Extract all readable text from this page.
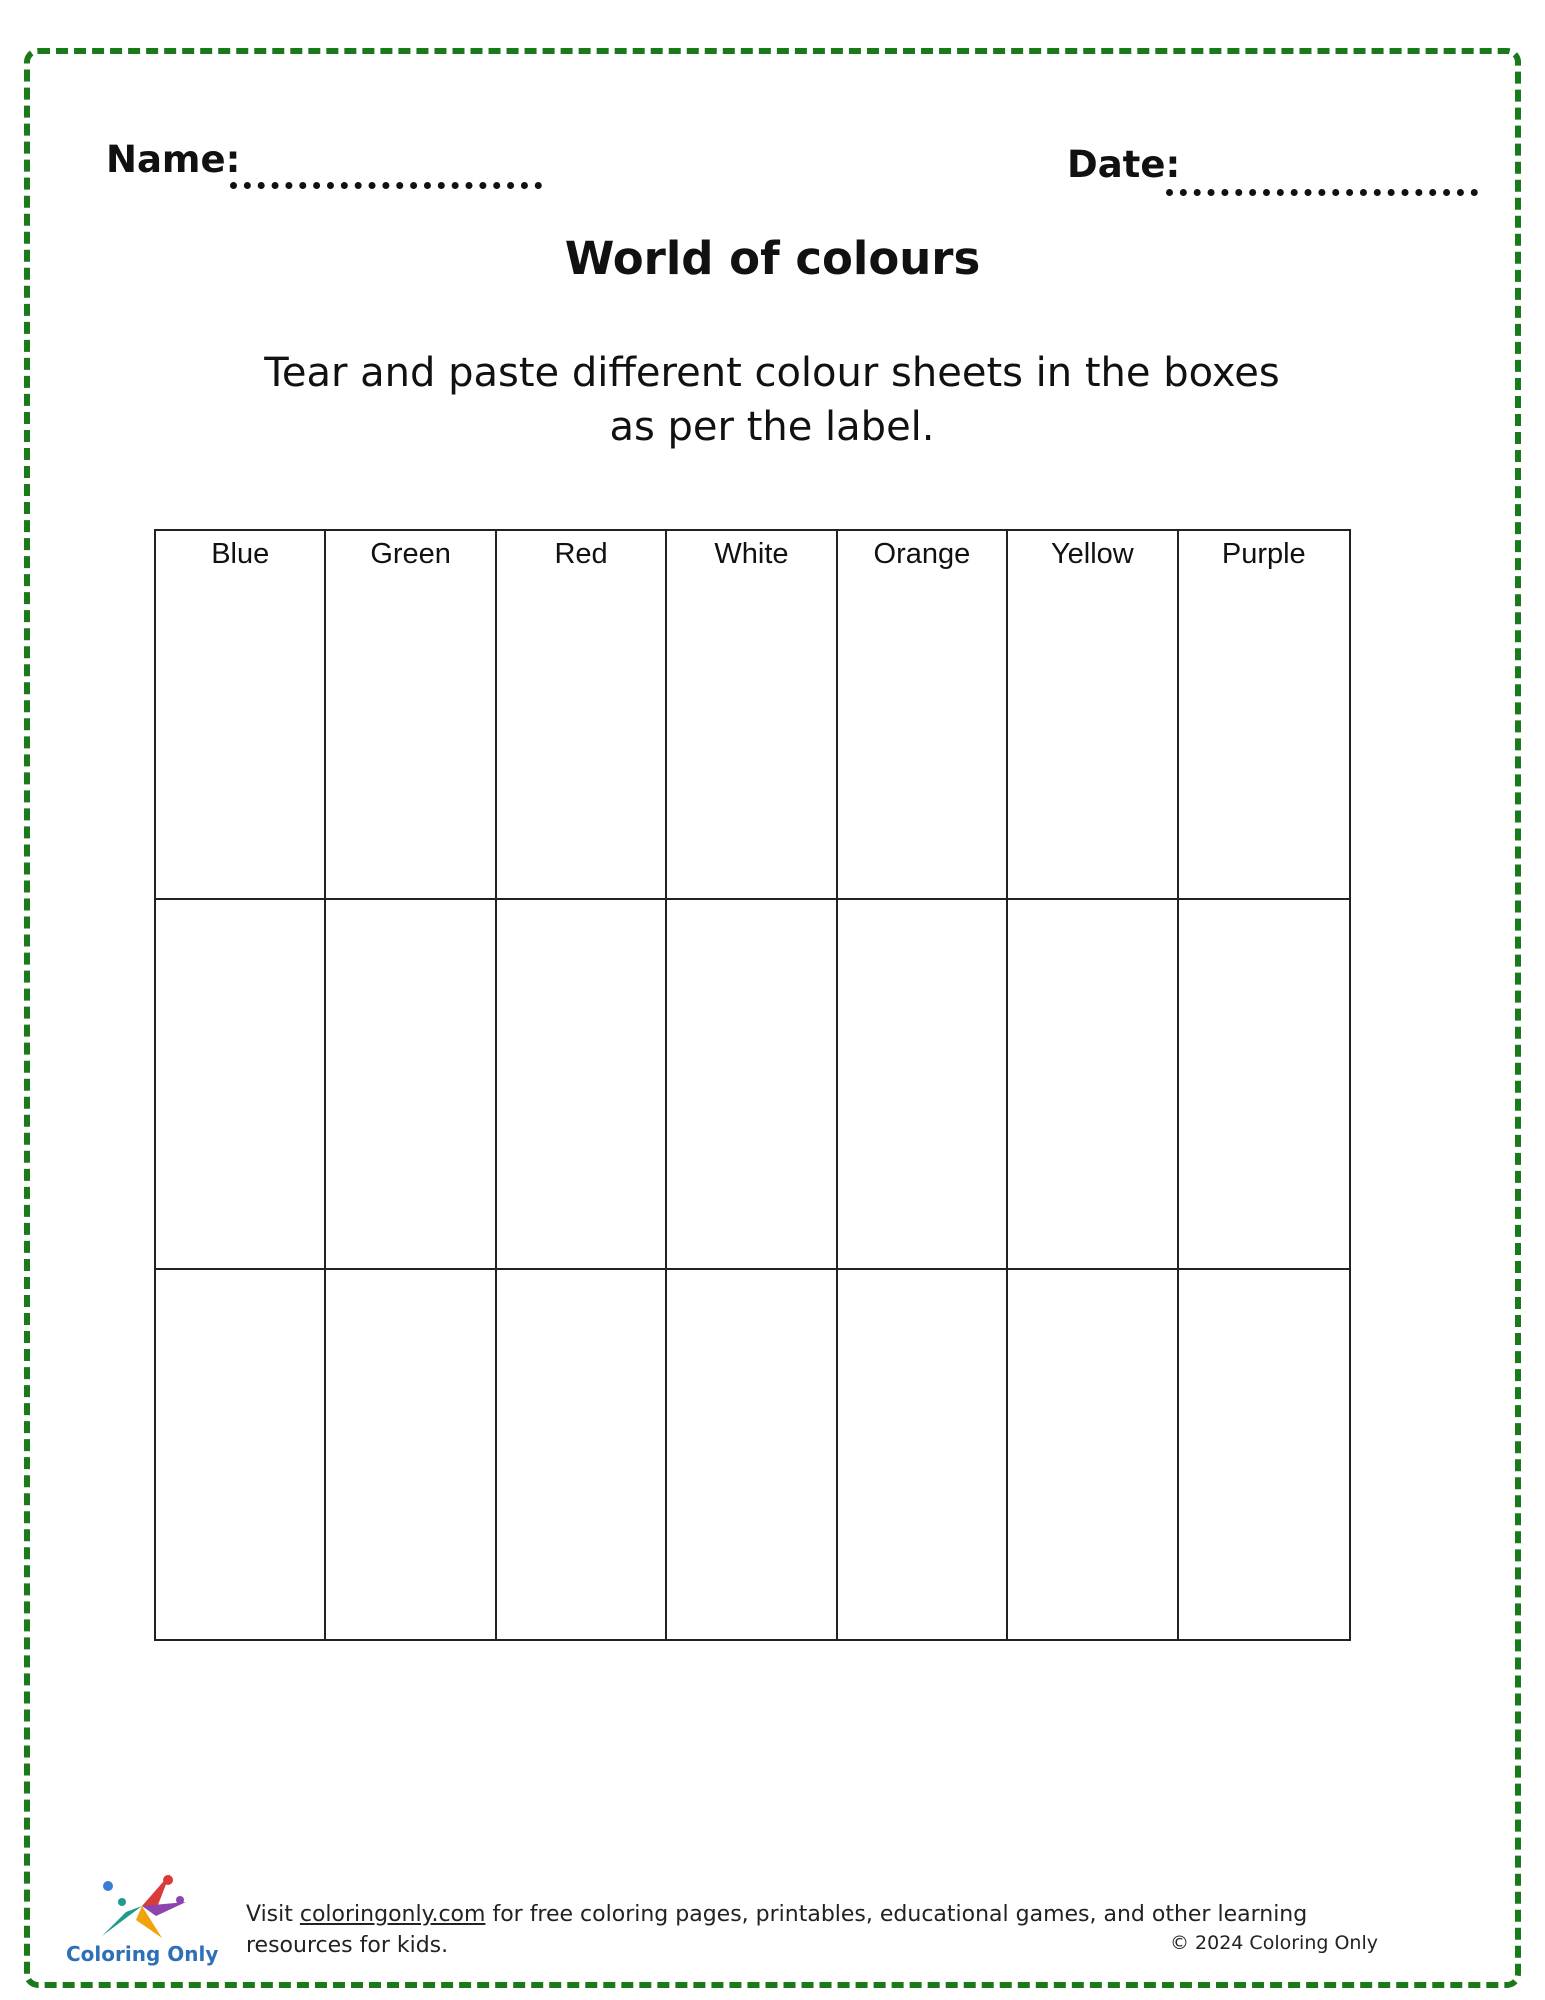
Name:	Date:
World of colours
Tear and paste different colour sheets in the boxes
as per the label.
Blue	Green	Red	White	Orange	Yellow	Purple
Coloring Only
Visit coloringonly.com for free coloring pages, printables, educational games, and other learning resources for kids.	© 2024 Coloring Only
